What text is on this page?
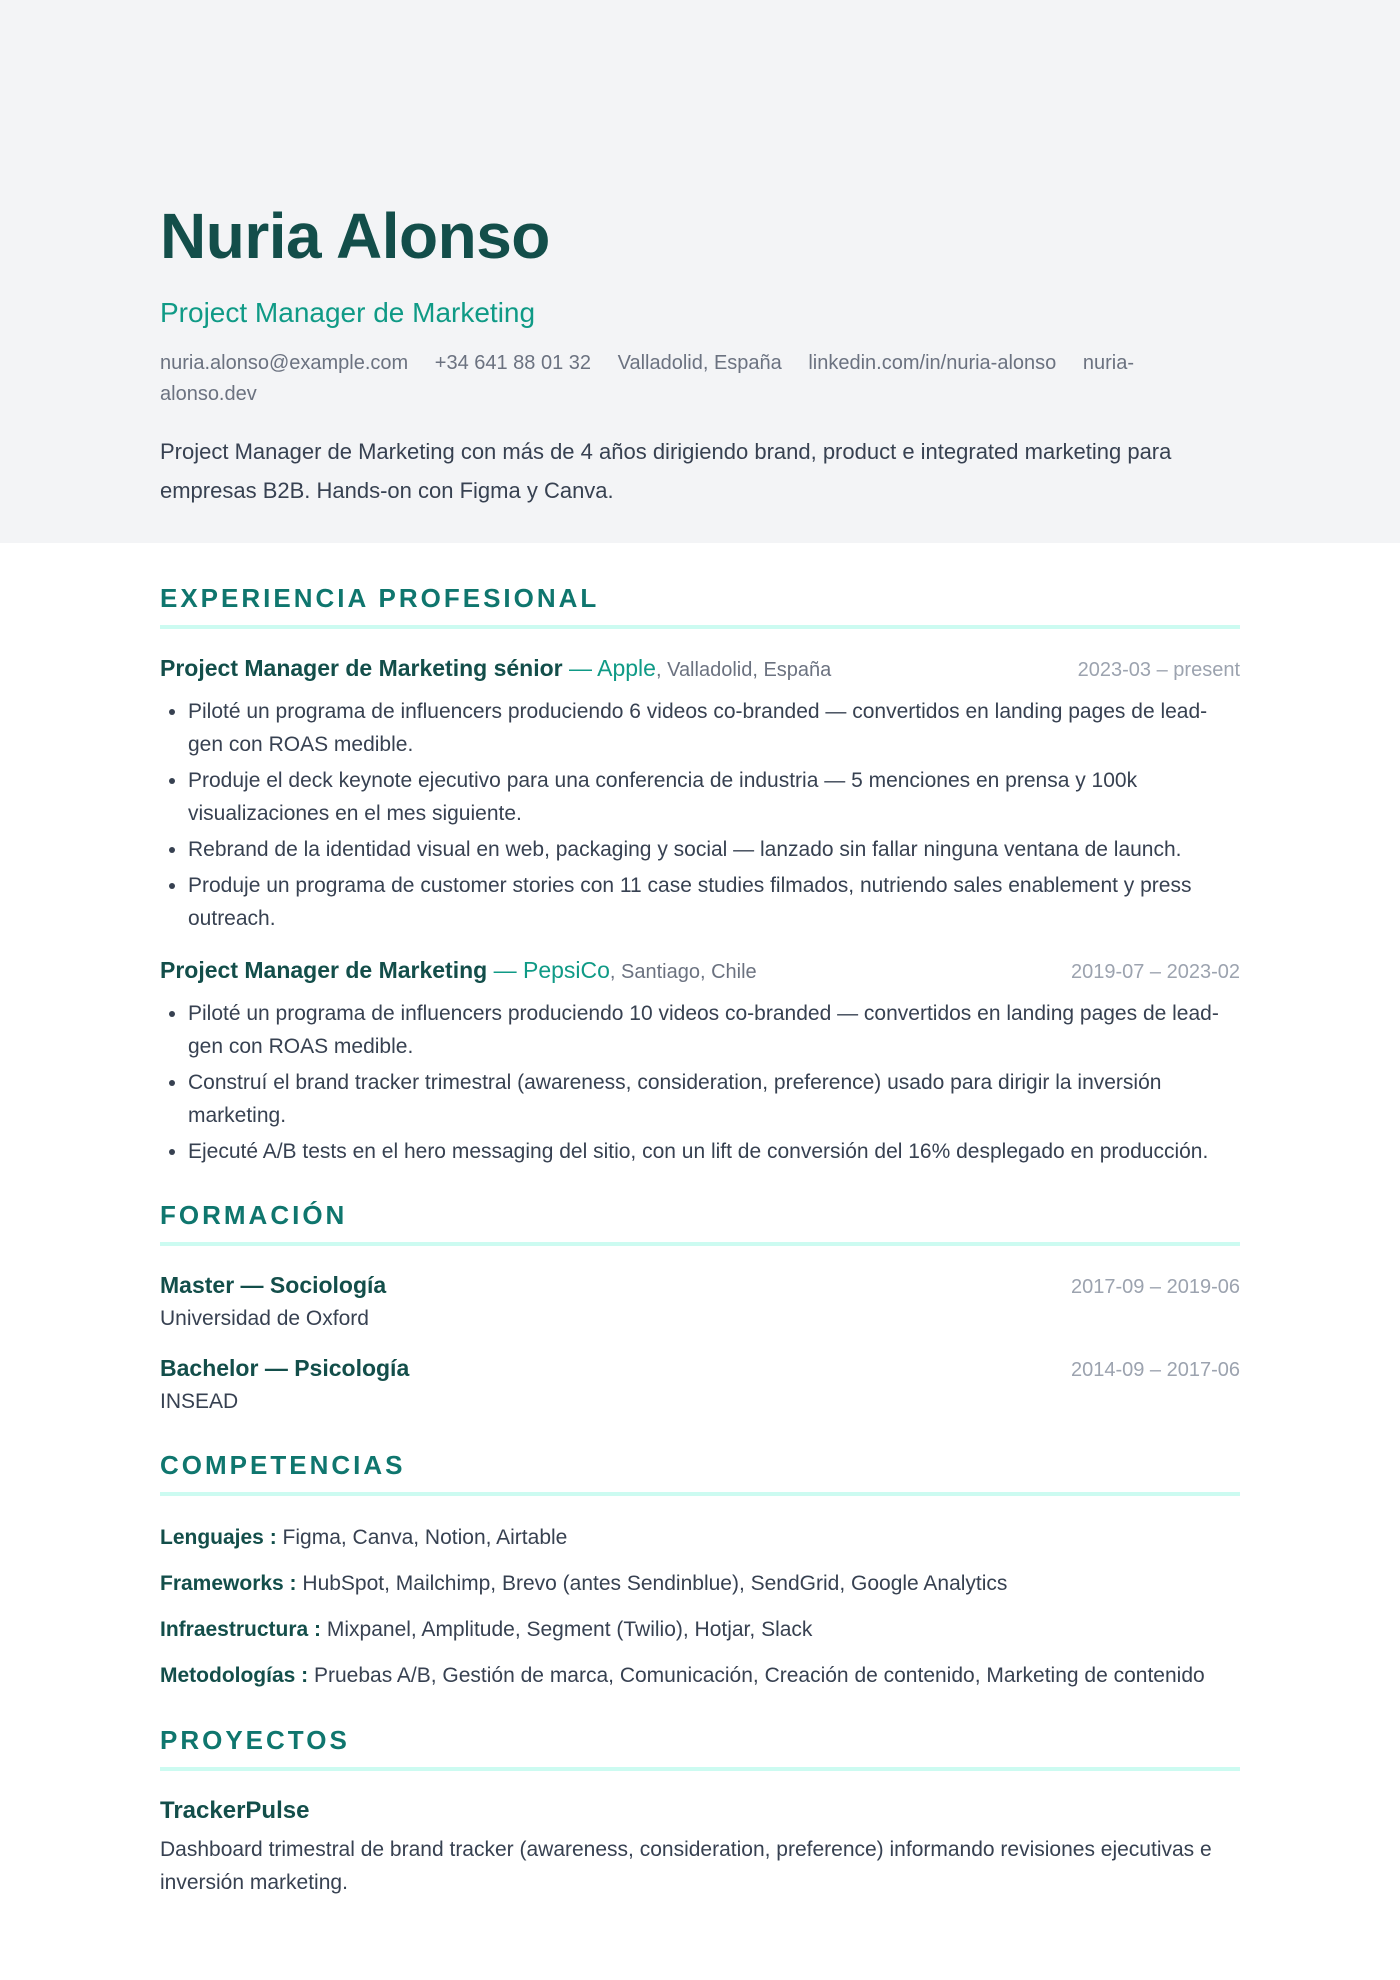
Nuria Alonso
Project Manager de Marketing
nuria.alonso@example.com +34 641 88 01 32 Valladolid, España linkedin.com/in/nuria-alonso nuria-alonso.dev
Project Manager de Marketing con más de 4 años dirigiendo brand, product e integrated marketing para empresas B2B. Hands-on con Figma y Canva.
EXPERIENCIA PROFESIONAL
Project Manager de Marketing sénior — Apple, Valladolid, España	2023-03 – present
• Piloté un programa de influencers produciendo 6 videos co-branded — convertidos en landing pages de lead-gen con ROAS medible.
• Produje el deck keynote ejecutivo para una conferencia de industria — 5 menciones en prensa y 100k visualizaciones en el mes siguiente.
• Rebrand de la identidad visual en web, packaging y social — lanzado sin fallar ninguna ventana de launch.
• Produje un programa de customer stories con 11 case studies filmados, nutriendo sales enablement y press outreach.
Project Manager de Marketing — PepsiCo, Santiago, Chile	2019-07 – 2023-02
• Piloté un programa de influencers produciendo 10 videos co-branded — convertidos en landing pages de lead-gen con ROAS medible.
• Construí el brand tracker trimestral (awareness, consideration, preference) usado para dirigir la inversión marketing.
• Ejecuté A/B tests en el hero messaging del sitio, con un lift de conversión del 16% desplegado en producción.
FORMACIÓN
Master — Sociología	2017-09 – 2019-06
Universidad de Oxford
Bachelor — Psicología	2014-09 – 2017-06
INSEAD
COMPETENCIAS
Lenguajes : Figma, Canva, Notion, Airtable
Frameworks : HubSpot, Mailchimp, Brevo (antes Sendinblue), SendGrid, Google Analytics
Infraestructura : Mixpanel, Amplitude, Segment (Twilio), Hotjar, Slack
Metodologías : Pruebas A/B, Gestión de marca, Comunicación, Creación de contenido, Marketing de contenido
PROYECTOS
TrackerPulse
Dashboard trimestral de brand tracker (awareness, consideration, preference) informando revisiones ejecutivas e inversión marketing.
